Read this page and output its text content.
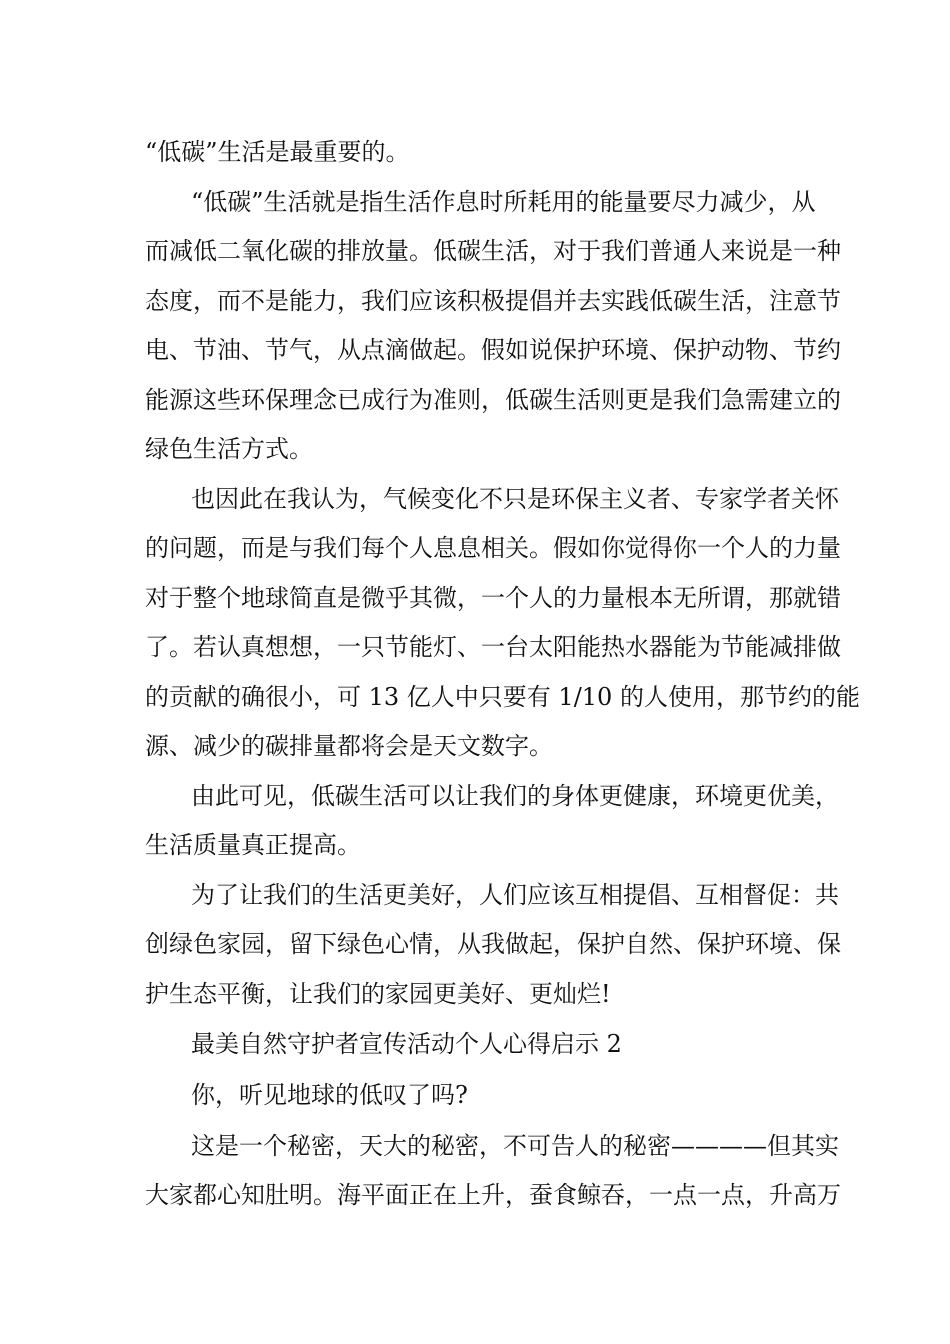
“低碳”生活是最重要的。
“低碳”生活就是指生活作息时所耗用的能量要尽力减少，从
而减低二氧化碳的排放量。低碳生活，对于我们普通人来说是一种
态度，而不是能力，我们应该积极提倡并去实践低碳生活，注意节
电、节油、节气，从点滴做起。假如说保护环境、保护动物、节约
能源这些环保理念已成行为准则，低碳生活则更是我们急需建立的
绿色生活方式。
也因此在我认为，气候变化不只是环保主义者、专家学者关怀
的问题，而是与我们每个人息息相关。假如你觉得你一个人的力量
对于整个地球简直是微乎其微，一个人的力量根本无所谓，那就错
了。若认真想想，一只节能灯、一台太阳能热水器能为节能减排做
的贡献的确很小，可 13 亿人中只要有 1/10 的人使用，那节约的能
源、减少的碳排量都将会是天文数字。
由此可见，低碳生活可以让我们的身体更健康，环境更优美，
生活质量真正提高。
为了让我们的生活更美好，人们应该互相提倡、互相督促：共
创绿色家园，留下绿色心情，从我做起，保护自然、保护环境、保
护生态平衡，让我们的家园更美好、更灿烂!
最美自然守护者宣传活动个人心得启示 2
你，听见地球的低叹了吗?
这是一个秘密，天大的秘密，不可告人的秘密————但其实
大家都心知肚明。海平面正在上升，蚕食鲸吞，一点一点，升高万
